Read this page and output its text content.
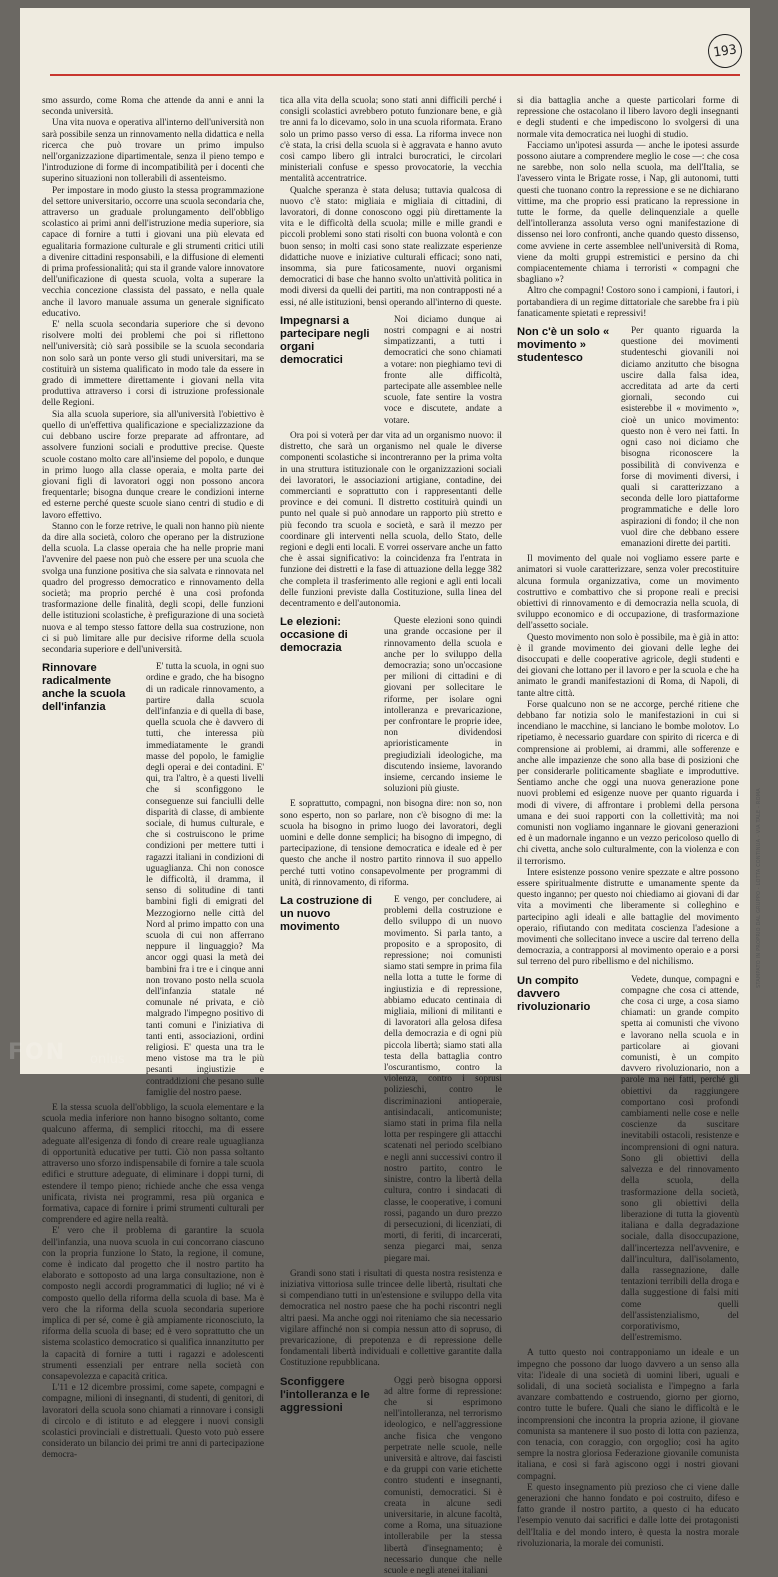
193

smo assurdo, come Roma che attende da anni e anni la seconda università.

Una vita nuova e operativa all'interno dell'università non sarà possibile senza un rinnovamento nella didattica e nella ricerca che può trovare un primo impulso nell'organizzazione dipartimentale, senza il pieno tempo e l'introduzione di forme di incompatibilità per i docenti che superino situazioni non tollerabili di assenteismo.

Per impostare in modo giusto la stessa programmazione del settore universitario, occorre una scuola secondaria che, attraverso un graduale prolungamento dell'obbligo scolastico ai primi anni dell'istruzione media superiore, sia capace di fornire a tutti i giovani una più elevata ed egualitaria formazione culturale e gli strumenti critici utili a divenire cittadini responsabili, e la diffusione di elementi di prima professionalità; qui sta il grande valore innovatore dell'unificazione di questa scuola, volta a superare la vecchia concezione classista del passato, e nella quale anche il lavoro manuale assuma un generale significato educativo.

E' nella scuola secondaria superiore che si devono risolvere molti dei problemi che poi si riflettono nell'università; ciò sarà possibile se la scuola secondaria non solo sarà un ponte verso gli studi universitari, ma se costituirà un sistema qualificato in modo tale da essere in grado di immettere direttamente i giovani nella vita produttiva attraverso i corsi di istruzione professionale delle Regioni.

Sia alla scuola superiore, sia all'università l'obiettivo è quello di un'effettiva qualificazione e specializzazione da cui debbano uscire forze preparate ad affrontare, ad assolvere funzioni sociali e produttive precise. Queste scuole costano molto care all'insieme del popolo, e dunque in primo luogo alla classe operaia, e molta parte dei giovani figli di lavoratori oggi non possono ancora frequentarle; bisogna dunque creare le condizioni interne ed esterne perché queste scuole siano centri di studio e di lavoro effettivo.

Stanno con le forze retrive, le quali non hanno più niente da dire alla società, coloro che operano per la distruzione della scuola. La classe operaia che ha nelle proprie mani l'avvenire del paese non può che essere per una scuola che svolga una funzione positiva che sia salvata e rinnovata nel quadro del progresso democratico e rinnovamento della società; ma proprio perché è una così profonda trasformazione delle finalità, degli scopi, delle funzioni delle istituzioni scolastiche, è prefigurazione di una società nuova e al tempo stesso fattore della sua costruzione, non ci si può limitare alle pur decisive riforme della scuola secondaria superiore e dell'università.

Rinnovare radicalmente anche la scuola dell'infanzia

E' tutta la scuola, in ogni suo ordine e grado, che ha bisogno di un radicale rinnovamento, a partire dalla scuola dell'infanzia e di quella di base, quella scuola che è davvero di tutti, che interessa più immediatamente le grandi masse del popolo, le famiglie degli operai e dei contadini. E' qui, tra l'altro, è a questi livelli che si sconfiggono le conseguenze sui fanciulli delle disparità di classe, di ambiente sociale, di humus culturale, e che si costruiscono le prime condizioni per mettere tutti i ragazzi italiani in condizioni di uguaglianza. Chi non conosce le difficoltà, il dramma, il senso di solitudine di tanti bambini figli di emigrati del Mezzogiorno nelle città del Nord al primo impatto con una scuola di cui non afferrano neppure il linguaggio? Ma ancor oggi quasi la metà dei bambini fra i tre e i cinque anni non trovano posto nella scuola dell'infanzia statale né comunale né privata, e ciò malgrado l'impegno positivo di tanti comuni e l'iniziativa di tanti enti, associazioni, ordini religiosi. E' questa una tra le meno vistose ma tra le più pesanti ingiustizie e contraddizioni che pesano sulle famiglie del nostro paese.

E la stessa scuola dell'obbligo, la scuola elementare e la scuola media inferiore non hanno bisogno soltanto, come qualcuno afferma, di semplici ritocchi, ma di essere adeguate all'esigenza di fondo di creare reale uguaglianza di opportunità educative per tutti. Ciò non passa soltanto attraverso uno sforzo indispensabile di fornire a tale scuola edifici e strutture adeguate, di eliminare i doppi turni, di estendere il tempo pieno; richiede anche che essa venga unificata, rivista nei programmi, resa più organica e formativa, capace di fornire i primi strumenti culturali per comprendere ed agire nella realtà.

E' vero che il problema di garantire la scuola dell'infanzia, una nuova scuola in cui concorrano ciascuno con la propria funzione lo Stato, la regione, il comune, come è indicato dal progetto che il nostro partito ha elaborato e sottoposto ad una larga consultazione, non è composto negli accordi programmatici di luglio; né vi è composto quello della riforma della scuola di base. Ma è vero che la riforma della scuola secondaria superiore implica di per sé, come è già ampiamente riconosciuto, la riforma della scuola di base; ed è vero soprattutto che un sistema scolastico democratico si qualifica innanzitutto per la capacità di fornire a tutti i ragazzi e adolescenti strumenti essenziali per entrare nella società con consapevolezza e capacità critica.

L'11 e 12 dicembre prossimi, come sapete, compagni e compagne, milioni di insegnanti, di studenti, di genitori, di lavoratori della scuola sono chiamati a rinnovare i consigli di circolo e di istituto e ad eleggere i nuovi consigli scolastici provinciali e distrettuali. Questo voto può essere considerato un bilancio dei primi tre anni di partecipazione democra-

tica alla vita della scuola; sono stati anni difficili perché i consigli scolastici avrebbero potuto funzionare bene, e già tre anni fa lo dicevamo, solo in una scuola riformata. Erano solo un primo passo verso di essa. La riforma invece non c'è stata, la crisi della scuola si è aggravata e hanno avuto così campo libero gli intralci burocratici, le circolari ministeriali confuse e spesso provocatorie, la vecchia mentalità accentratrice.

Qualche speranza è stata delusa; tuttavia qualcosa di nuovo c'è stato: migliaia e migliaia di cittadini, di lavoratori, di donne conoscono oggi più direttamente la vita e le difficoltà della scuola; mille e mille grandi e piccoli problemi sono stati risolti con buona volontà e con buon senso; in molti casi sono state realizzate esperienze didattiche nuove e iniziative culturali efficaci; sono nati, insomma, sia pure faticosamente, nuovi organismi democratici di base che hanno svolto un'attività politica in modi diversi da quelli dei partiti, ma non contrapposti né a essi, né alle istituzioni, bensì operando all'interno di queste.

Impegnarsi a partecipare negli organi democratici

Noi diciamo dunque ai nostri compagni e ai nostri simpatizzanti, a tutti i democratici che sono chiamati a votare: non pieghiamo tevi di fronte alle difficoltà, partecipate alle assemblee nelle scuole, fate sentire la vostra voce e discutete, andate a votare.

Ora poi si voterà per dar vita ad un organismo nuovo: il distretto, che sarà un organismo nel quale le diverse componenti scolastiche si incontreranno per la prima volta in una struttura istituzionale con le organizzazioni sociali dei lavoratori, le associazioni artigiane, contadine, dei commercianti e soprattutto con i rappresentanti delle province e dei comuni. Il distretto costituirà quindi un punto nel quale si può annodare un rapporto più stretto e più fecondo tra scuola e società, e sarà il mezzo per coordinare gli interventi nella scuola, dello Stato, delle regioni e degli enti locali. E vorrei osservare anche un fatto che è assai significativo: la coincidenza fra l'entrata in funzione dei distretti e la fase di attuazione della legge 382 che completa il trasferimento alle regioni e agli enti locali delle funzioni previste dalla Costituzione, sulla linea del decentramento e dell'autonomia.

Le elezioni: occasione di democrazia

Queste elezioni sono quindi una grande occasione per il rinnovamento della scuola e anche per lo sviluppo della democrazia; sono un'occasione per milioni di cittadini e di giovani per sollecitare le riforme, per isolare ogni intolleranza e prevaricazione, per confrontare le proprie idee, non dividendosi aprioristicamente in pregiudiziali ideologiche, ma discutendo insieme, lavorando insieme, cercando insieme le soluzioni più giuste.

E soprattutto, compagni, non bisogna dire: non so, non sono esperto, non so parlare, non c'è bisogno di me: la scuola ha bisogno in primo luogo dei lavoratori, degli uomini e delle donne semplici; ha bisogno di impegno, di partecipazione, di tensione democratica e ideale ed è per questo che anche il nostro partito rinnova il suo appello perché tutti votino consapevolmente per programmi di unità, di rinnovamento, di riforma.

La costruzione di un nuovo movimento

E vengo, per concludere, ai problemi della costruzione e dello sviluppo di un nuovo movimento. Si parla tanto, a proposito e a sproposito, di repressione; noi comunisti siamo stati sempre in prima fila nella lotta a tutte le forme di ingiustizia e di repressione, abbiamo educato centinaia di migliaia, milioni di militanti e di lavoratori alla gelosa difesa della democrazia e di ogni più piccola libertà; siamo stati alla testa della battaglia contro l'oscurantismo, contro la violenza, contro i soprusi polizieschi, contro le discriminazioni antioperaie, antisindacali, anticomuniste; siamo stati in prima fila nella lotta per respingere gli attacchi scatenati nel periodo scelbiano e negli anni successivi contro il nostro partito, contro le sinistre, contro la libertà della cultura, contro i sindacati di classe, le cooperative, i comuni rossi, pagando un duro prezzo di persecuzioni, di licenziati, di morti, di feriti, di incarcerati, senza piegarci mai, senza piegare mai.

Grandi sono stati i risultati di questa nostra resistenza e iniziativa vittoriosa sulle trincee delle libertà, risultati che si compendiano tutti in un'estensione e sviluppo della vita democratica nel nostro paese che ha pochi riscontri negli altri paesi. Ma anche oggi noi riteniamo che sia necessario vigilare affinché non si compia nessun atto di sopruso, di prevaricazione, di prepotenza e di repressione delle fondamentali libertà individuali e collettive garantite dalla Costituzione repubblicana.

Sconfiggere l'intolleranza e le aggressioni

Oggi però bisogna opporsi ad altre forme di repressione: che si esprimono nell'intolleranza, nel terrorismo ideologico, e nell'aggressione anche fisica che vengono perpetrate nelle scuole, nelle università e altrove, dai fascisti e da gruppi con varie etichette contro studenti e insegnanti, comunisti, democratici. Si è creata in alcune sedi universitarie, in alcune facoltà, come a Roma, una situazione intollerabile per la stessa libertà d'insegnamento; è necessario dunque che nelle scuole e negli atenei italiani

si dia battaglia anche a queste particolari forme di repressione che ostacolano il libero lavoro degli insegnanti e degli studenti e che impediscono lo svolgersi di una normale vita democratica nei luoghi di studio.

Facciamo un'ipotesi assurda — anche le ipotesi assurde possono aiutare a comprendere meglio le cose —: che cosa ne sarebbe, non solo nella scuola, ma dell'Italia, se l'avessero vinta le Brigate rosse, i Nap, gli autonomi, tutti questi che tuonano contro la repressione e se ne dichiarano vittime, ma che proprio essi praticano la repressione in tutte le forme, da quelle delinquenziale a quelle dell'intolleranza assoluta verso ogni manifestazione di dissenso nei loro confronti, anche quando questo dissenso, come avviene in certe assemblee nell'università di Roma, viene da molti gruppi estremistici e persino da chi compiacentemente chiama i terroristi « compagni che sbagliano »?

Altro che compagni! Costoro sono i campioni, i fautori, i portabandiera di un regime dittatoriale che sarebbe fra i più fanaticamente spietati e repressivi!

Non c'è un solo « movimento » studentesco

Per quanto riguarda la questione dei movimenti studenteschi giovanili noi diciamo anzitutto che bisogna uscire dalla falsa idea, accreditata ad arte da certi giornali, secondo cui esisterebbe il « movimento », cioè un unico movimento: questo non è vero nei fatti. In ogni caso noi diciamo che bisogna riconoscere la possibilità di convivenza e forse di movimenti diversi, i quali si caratterizzano a seconda delle loro piattaforme programmatiche e delle loro aspirazioni di fondo; il che non vuol dire che debbano essere emanazioni dirette dei partiti.

Il movimento del quale noi vogliamo essere parte e animatori si vuole caratterizzare, senza voler precostituire alcuna formula organizzativa, come un movimento costruttivo e combattivo che si propone reali e precisi obiettivi di rinnovamento e di democrazia nella scuola, di sviluppo economico e di occupazione, di trasformazione dell'assetto sociale.

Questo movimento non solo è possibile, ma è già in atto: è il grande movimento dei giovani delle leghe dei disoccupati e delle cooperative agricole, degli studenti e dei giovani che lottano per il lavoro e per la scuola e che ha animato le grandi manifestazioni di Roma, di Napoli, di tante altre città.

Forse qualcuno non se ne accorge, perché ritiene che debbano far notizia solo le manifestazioni in cui si incendiano le macchine, si lanciano le bombe molotov. Lo ripetiamo, è necessario guardare con spirito di ricerca e di comprensione ai problemi, ai drammi, alle sofferenze e anche alle impazienze che sono alla base di posizioni che per considerarle politicamente sbagliate e improduttive. Sentiamo anche che oggi una nuova generazione pone nuovi problemi ed esigenze nuove per quanto riguarda i modi di vivere, di affrontare i problemi della persona umana e dei suoi rapporti con la collettività; ma noi comunisti non vogliamo ingannare le giovani generazioni ed è un madornale inganno e un vezzo pericoloso quello di chi civetta, anche solo culturalmente, con la violenza e con il terrorismo.

Intere esistenze possono venire spezzate e altre possono essere spiritualmente distrutte e umanamente spente da questo inganno; per questo noi chiediamo ai giovani di dar vita a movimenti che liberamente si colleghino e partecipino agli ideali e alle battaglie del movimento operaio, rifiutando con meditata coscienza l'adesione a movimenti che sollecitano invece a uscire dal terreno della democrazia, a contrapporsi al movimento operaio e a porsi sul terreno del puro ribellismo e del nichilismo.

Un compito davvero rivoluzionario

Vedete, dunque, compagni e compagne che cosa ci attende, che cosa ci urge, a cosa siamo chiamati: un grande compito spetta ai comunisti che vivono e lavorano nella scuola e in particolare ai giovani comunisti, è un compito davvero rivoluzionario, non a parole ma nei fatti, perché gli obiettivi da raggiungere comportano così profondi cambiamenti nelle cose e nelle coscienze da suscitare inevitabili ostacoli, resistenze e incomprensioni di ogni natura. Sono gli obiettivi della salvezza e del rinnovamento della scuola, della trasformazione della società, sono gli obiettivi della liberazione di tutta la gioventù italiana e dalla degradazione sociale, dalla disoccupazione, dall'incertezza nell'avvenire, e dall'incultura, dall'isolamento, dalla rassegnazione, dalle tentazioni terribili della droga e dalla suggestione di falsi miti come quelli dell'assistenzialismo, del corporativismo, dell'estremismo.

A tutto questo noi contrapponiamo un ideale e un impegno che possono dar luogo davvero a un senso alla vita: l'ideale di una società di uomini liberi, uguali e solidali, di una società socialista e l'impegno a farla avanzare combattendo e costruendo, giorno per giorno, contro tutte le bufere. Quali che siano le difficoltà e le incomprensioni che incontra la propria azione, il giovane comunista sa mantenere il suo posto di lotta con pazienza, con tenacia, con coraggio, con orgoglio; così ha agito sempre la nostra gloriosa Federazione giovanile comunista italiana, e così si farà agiscono oggi i nostri giovani compagni.

E questo insegnamento più prezioso che ci viene dalle generazioni che hanno fondato e poi costruito, difeso e fatto grande il nostro partito, a questo ci ha educato l'esempio venuto dai sacrifici e dalle lotte dei protagonisti dell'Italia e del mondo intero, è questa la nostra morale rivoluzionaria, la morale dei comunisti.

STAMPATO IN PROPRIO DAL GRUPPO - LOTTA CONTINUA - VIA TALE - ROMA
FON	onlus
